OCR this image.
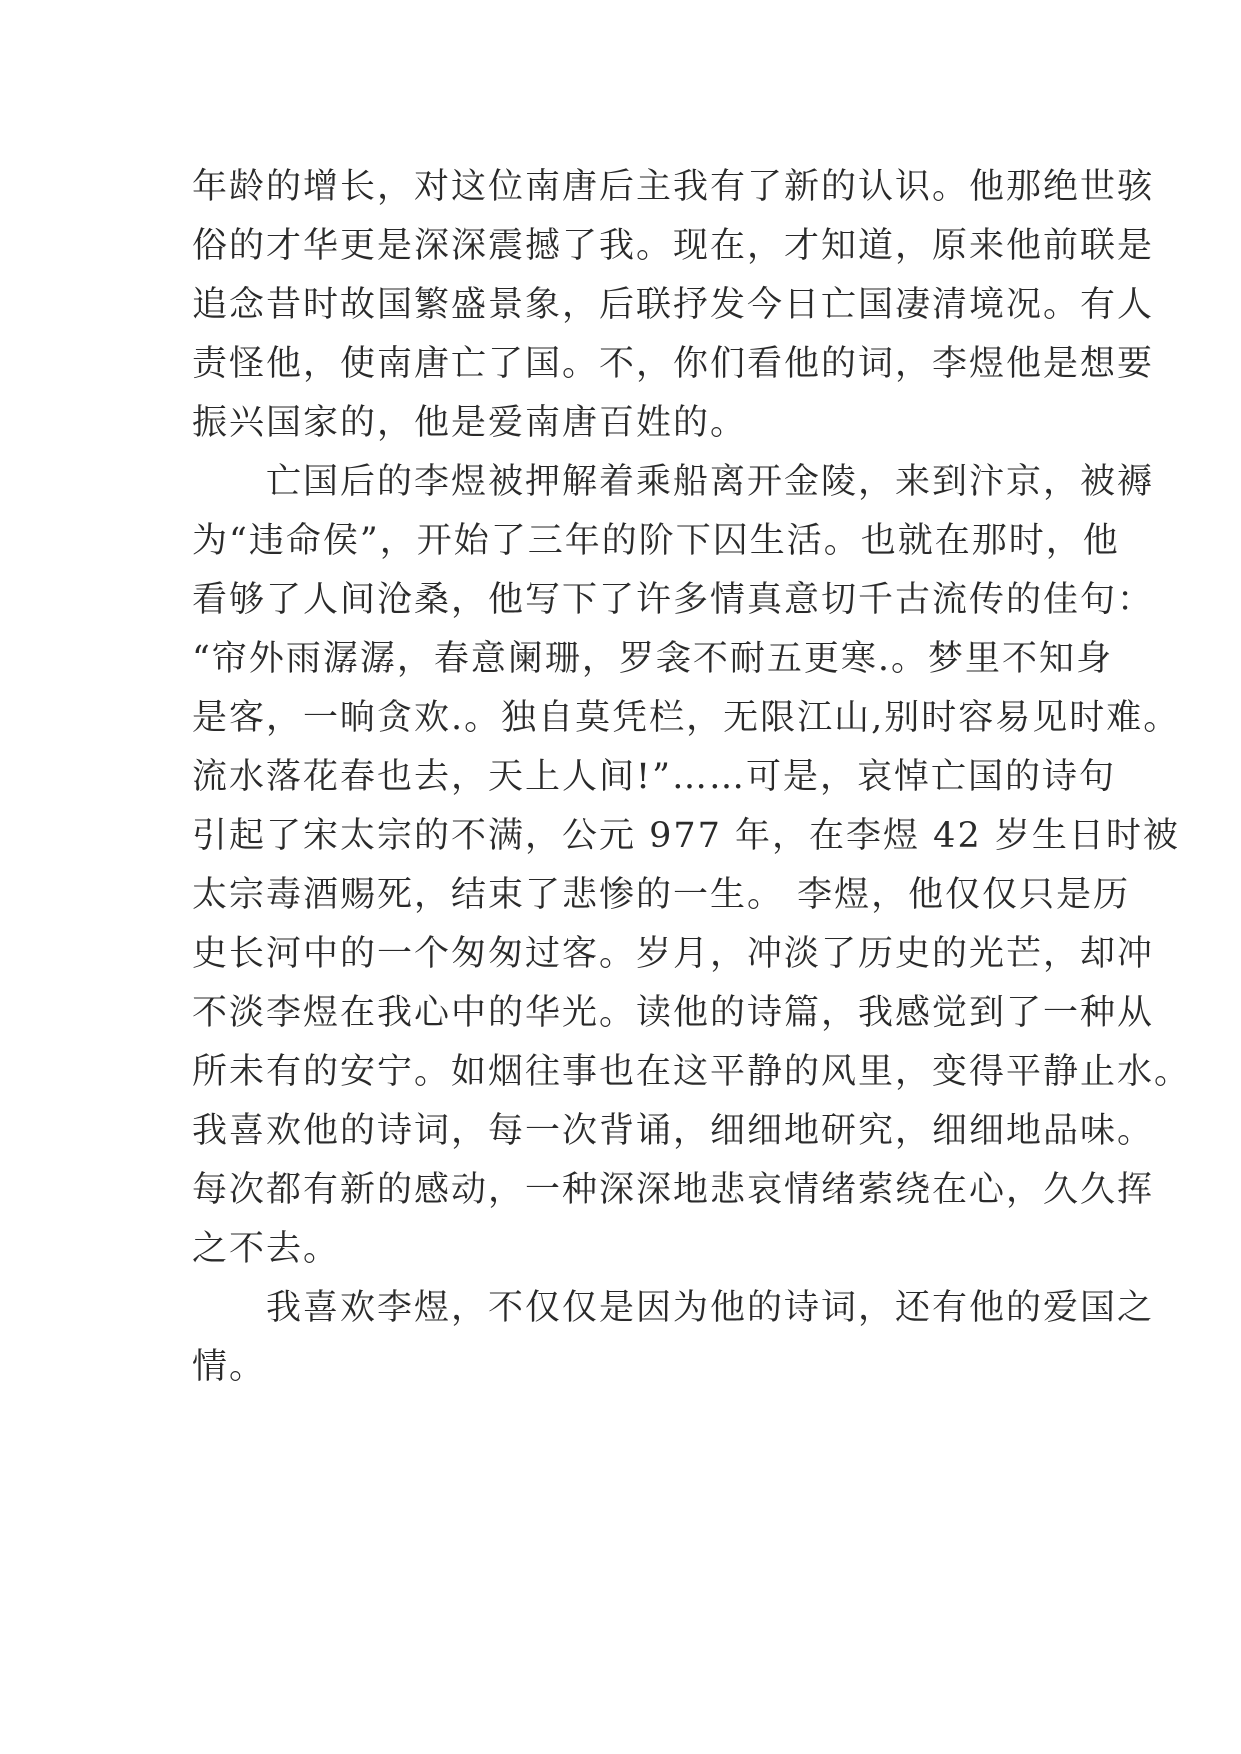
年龄的增长，对这位南唐后主我有了新的认识。他那绝世骇
俗的才华更是深深震撼了我。现在，才知道，原来他前联是
追念昔时故国繁盛景象，后联抒发今日亡国凄清境况。有人
责怪他，使南唐亡了国。不，你们看他的词，李煜他是想要
振兴国家的，他是爱南唐百姓的。
　　亡国后的李煜被押解着乘船离开金陵，来到汴京，被褥
为“违命侯”，开始了三年的阶下囚生活。也就在那时，他
看够了人间沧桑，他写下了许多情真意切千古流传的佳句：
“帘外雨潺潺，春意阑珊，罗衾不耐五更寒.。梦里不知身
是客，一晌贪欢.。独自莫凭栏，无限江山,别时容易见时难。
流水落花春也去，天上人间!”……可是，哀悼亡国的诗句
引起了宋太宗的不满，公元 977 年，在李煜 42 岁生日时被
太宗毒酒赐死，结束了悲惨的一生。 李煜，他仅仅只是历
史长河中的一个匆匆过客。岁月，冲淡了历史的光芒，却冲
不淡李煜在我心中的华光。读他的诗篇，我感觉到了一种从
所未有的安宁。如烟往事也在这平静的风里，变得平静止水。
我喜欢他的诗词，每一次背诵，细细地研究，细细地品味。
每次都有新的感动，一种深深地悲哀情绪萦绕在心，久久挥
之不去。
　　我喜欢李煜，不仅仅是因为他的诗词，还有他的爱国之
情。
